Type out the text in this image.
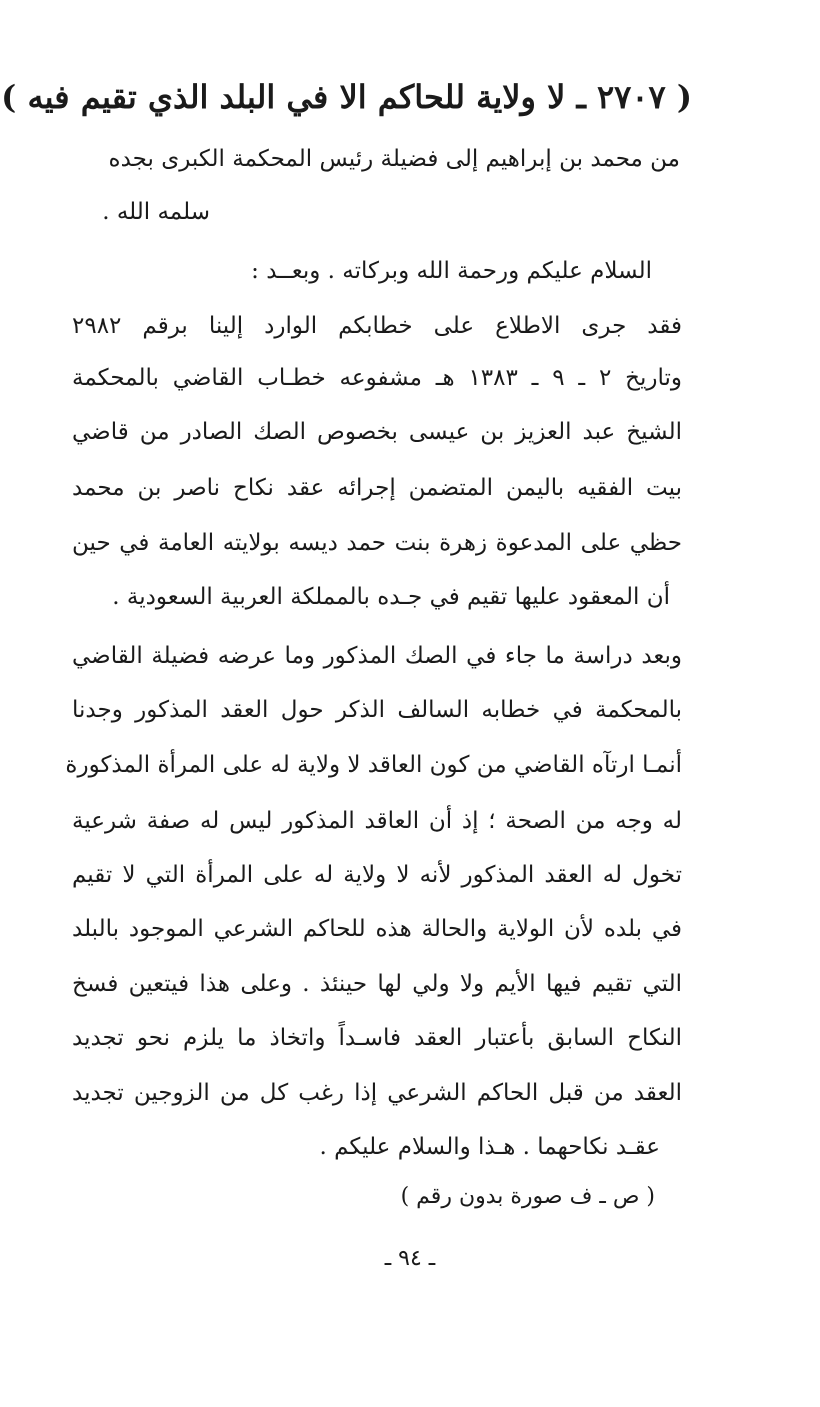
( ٢٧٠٧ ـ لا ولاية للحاكم الا في البلد الذي تقيم فيه )
من محمد بن إبراهيم إلى فضيلة رئيس المحكمة الكبرى بجده
سلمه الله .
السلام عليكم ورحمة الله وبركاته . وبعــد :
فقد جرى الاطلاع على خطابكم الوارد إلينا برقم ٢٩٨٢
وتاريخ ٢ ـ ٩ ـ ١٣٨٣ هـ مشفوعه خطـاب القاضي بالمحكمة
الشيخ عبد العزيز بن عيسى بخصوص الصك الصادر من قاضي
بيت الفقيه باليمن المتضمن إجرائه عقد نكاح ناصر بن محمد
حظي على المدعوة زهرة بنت حمد ديسه بولايته العامة في حين
أن المعقود عليها تقيم في جـده بالمملكة العربية السعودية .
وبعد دراسة ما جاء في الصك المذكور وما عرضه فضيلة القاضي
بالمحكمة في خطابه السالف الذكر حول العقد المذكور وجدنا
أنمـا ارتآه القاضي من كون العاقد لا ولاية له على المرأة المذكورة
له وجه من الصحة ؛ إذ أن العاقد المذكور ليس له صفة شرعية
تخول له العقد المذكور لأنه لا ولاية له على المرأة التي لا تقيم
في بلده لأن الولاية والحالة هذه للحاكم الشرعي الموجود بالبلد
التي تقيم فيها الأيم ولا ولي لها حينئذ . وعلى هذا فيتعين فسخ
النكاح السابق بأعتبار العقد فاسـداً واتخاذ ما يلزم نحو تجديد
العقد من قبل الحاكم الشرعي إذا رغب كل من الزوجين تجديد
عقـد نكاحهما . هـذا والسلام عليكم .
( ص ـ ف صورة بدون رقم )
ـ ٩٤ ـ
